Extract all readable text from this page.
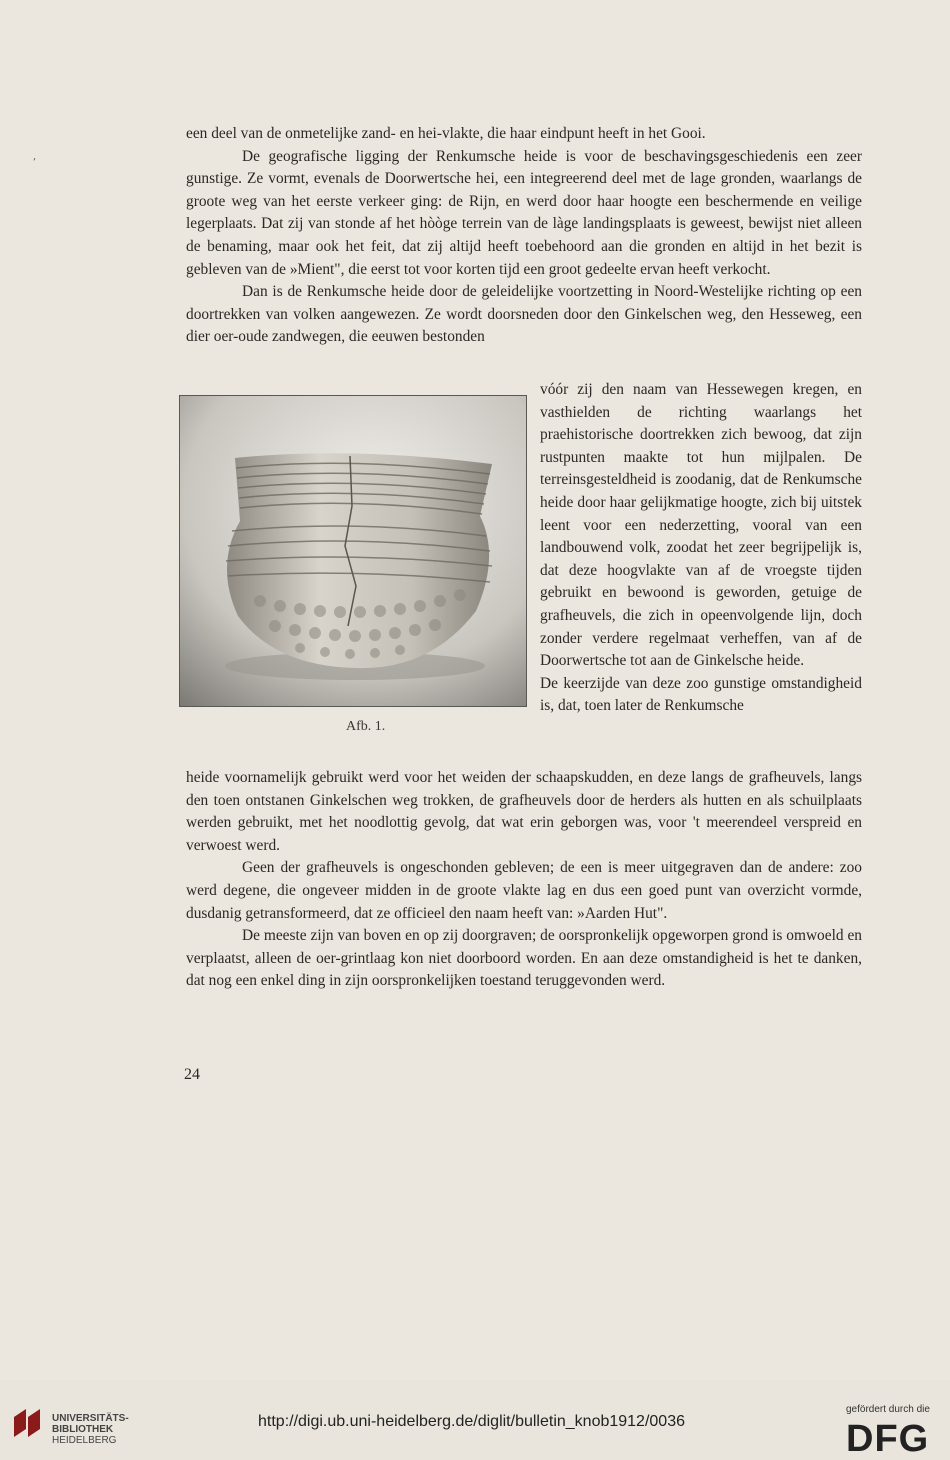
,

een deel van de onmetelijke zand- en hei-vlakte, die haar eindpunt heeft in het Gooi.

De geografische ligging der Renkumsche heide is voor de beschavingsgeschiedenis een zeer gunstige. Ze vormt, evenals de Doorwertsche hei, een integreerend deel met de lage gronden, waarlangs de groote weg van het eerste verkeer ging: de Rijn, en werd door haar hoogte een beschermende en veilige legerplaats. Dat zij van stonde af het hòòge terrein van de làge landingsplaats is geweest, bewijst niet alleen de benaming, maar ook het feit, dat zij altijd heeft toebehoord aan die gronden en altijd in het bezit is gebleven van de »Mient", die eerst tot voor korten tijd een groot gedeelte ervan heeft verkocht.

Dan is de Renkumsche heide door de geleidelijke voortzetting in Noord-Westelijke richting op een doortrekken van volken aangewezen. Ze wordt doorsneden door den Ginkelschen weg, den Hesseweg, een dier oer-oude zandwegen, die eeuwen bestonden

vóór zij den naam van Hessewegen kregen, en vasthielden de richting waarlangs het praehistorische doortrekken zich bewoog, dat zijn rustpunten maakte tot hun mijlpalen. De terreinsgesteldheid is zoodanig, dat de Renkumsche heide door haar gelijkmatige hoogte, zich bij uitstek leent voor een nederzetting, vooral van een landbouwend volk, zoodat het zeer begrijpelijk is, dat deze hoogvlakte van af de vroegste tijden gebruikt en bewoond is geworden, getuige de grafheuvels, die zich in opeenvolgende lijn, doch zonder verdere regelmaat verheffen, van af de Doorwertsche tot aan de Ginkelsche heide.

De keerzijde van deze zoo gunstige omstandigheid is, dat, toen later de Renkumsche

Afb. 1.

heide voornamelijk gebruikt werd voor het weiden der schaapskudden, en deze langs de grafheuvels, langs den toen ontstanen Ginkelschen weg trokken, de grafheuvels door de herders als hutten en als schuilplaats werden gebruikt, met het noodlottig gevolg, dat wat erin geborgen was, voor 't meerendeel verspreid en verwoest werd.

Geen der grafheuvels is ongeschonden gebleven; de een is meer uitgegraven dan de andere: zoo werd degene, die ongeveer midden in de groote vlakte lag en dus een goed punt van overzicht vormde, dusdanig getransformeerd, dat ze officieel den naam heeft van: »Aarden Hut".

De meeste zijn van boven en op zij doorgraven; de oorspronkelijk opgeworpen grond is omwoeld en verplaatst, alleen de oer-grintlaag kon niet doorboord worden. En aan deze omstandigheid is het te danken, dat nog een enkel ding in zijn oorspronkelijken toestand teruggevonden werd.

24
UNIVERSITÄTS-
BIBLIOTHEK
HEIDELBERG
http://digi.ub.uni-heidelberg.de/diglit/bulletin_knob1912/0036
gefördert durch die
DFG
